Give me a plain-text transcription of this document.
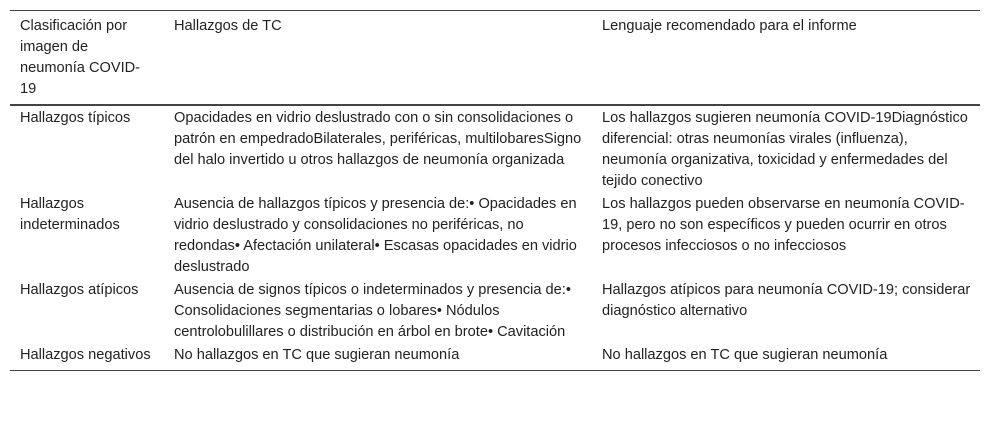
Clasificación por imagen de neumonía COVID-19	Hallazgos de TC	Lenguaje recomendado para el informe
Hallazgos típicos	Opacidades en vidrio deslustrado con o sin consolidaciones o patrón en empedradoBilaterales, periféricas, multilobaresSigno del halo invertido u otros hallazgos de neumonía organizada	Los hallazgos sugieren neumonía COVID-19Diagnóstico diferencial: otras neumonías virales (influenza), neumonía organizativa, toxicidad y enfermedades del tejido conectivo
Hallazgos indeterminados	Ausencia de hallazgos típicos y presencia de:• Opacidades en vidrio deslustrado y consolidaciones no periféricas, no redondas• Afectación unilateral• Escasas opacidades en vidrio deslustrado	Los hallazgos pueden observarse en neumonía COVID-19, pero no son específicos y pueden ocurrir en otros procesos infecciosos o no infecciosos
Hallazgos atípicos	Ausencia de signos típicos o indeterminados y presencia de:• Consolidaciones segmentarias o lobares• Nódulos centrolobulillares o distribución en árbol en brote• Cavitación	Hallazgos atípicos para neumonía COVID-19; considerar diagnóstico alternativo
Hallazgos negativos	No hallazgos en TC que sugieran neumonía	No hallazgos en TC que sugieran neumonía
